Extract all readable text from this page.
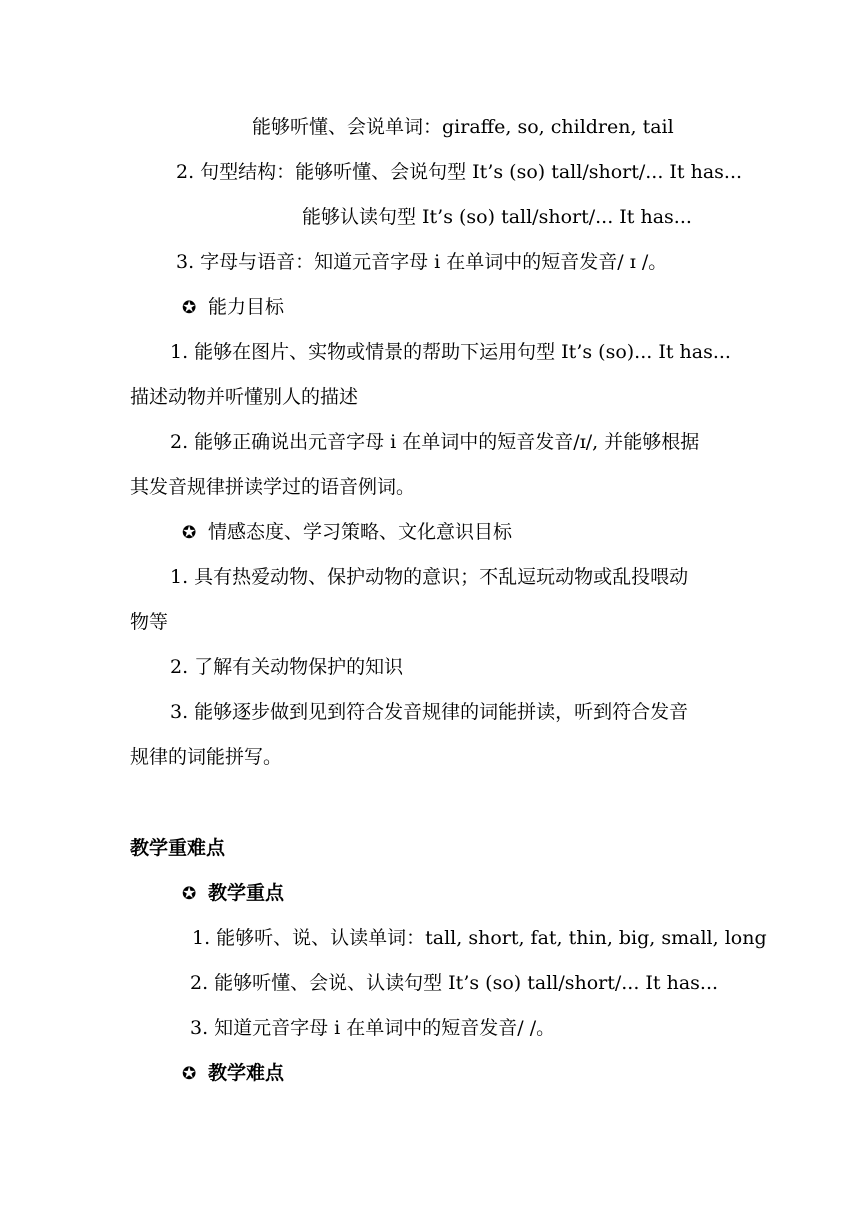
能够听懂、会说单词：giraffe, so, children, tail
2. 句型结构：能够听懂、会说句型 It’s (so) tall/short/... It has...
能够认读句型 It’s (so) tall/short/... It has...
3. 字母与语音：知道元音字母 i 在单词中的短音发音/ ɪ /。
✪ 能力目标
1. 能够在图片、实物或情景的帮助下运用句型 It’s (so)... It has...
描述动物并听懂别人的描述
2. 能够正确说出元音字母 i 在单词中的短音发音/ɪ/, 并能够根据
其发音规律拼读学过的语音例词。
✪ 情感态度、学习策略、文化意识目标
1. 具有热爱动物、保护动物的意识；不乱逗玩动物或乱投喂动
物等
2. 了解有关动物保护的知识
3. 能够逐步做到见到符合发音规律的词能拼读，听到符合发音
规律的词能拼写。
教学重难点
✪ 教学重点
1. 能够听、说、认读单词：tall, short, fat, thin, big, small, long
2. 能够听懂、会说、认读句型 It’s (so) tall/short/... It has...
3. 知道元音字母 i 在单词中的短音发音/ /。
✪ 教学难点
